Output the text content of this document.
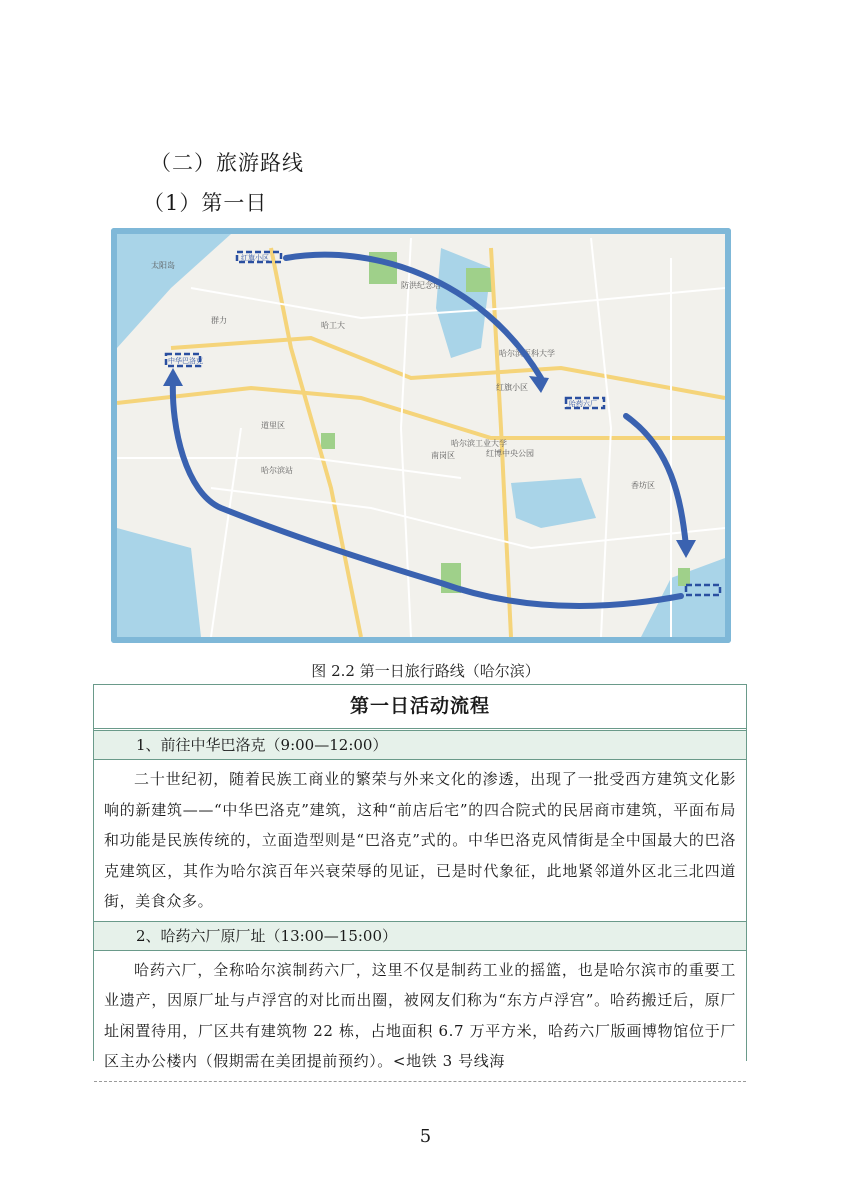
（二）旅游路线
（1）第一日
群力
道里区
南岗区
香坊区
哈工大
哈尔滨站
防洪纪念塔
太阳岛
哈尔滨工业大学
红博中央公园
红旗小区
哈尔滨医科大学
红旗小区
中华巴洛克
哈药六厂
图 2.2 第一日旅行路线（哈尔滨）
第一日活动流程
1、前往中华巴洛克（9:00—12:00）
二十世纪初，随着民族工商业的繁荣与外来文化的渗透，出现了一批受西方建筑文化影响的新建筑——“中华巴洛克”建筑，这种“前店后宅”的四合院式的民居商市建筑，平面布局和功能是民族传统的，立面造型则是“巴洛克”式的。中华巴洛克风情街是全中国最大的巴洛克建筑区，其作为哈尔滨百年兴衰荣辱的见证，已是时代象征，此地紧邻道外区北三北四道街，美食众多。
2、哈药六厂原厂址（13:00—15:00）
哈药六厂，全称哈尔滨制药六厂，这里不仅是制药工业的摇篮，也是哈尔滨市的重要工业遗产，因原厂址与卢浮宫的对比而出圈，被网友们称为“东方卢浮宫”。哈药搬迁后，原厂址闲置待用，厂区共有建筑物 22 栋，占地面积 6.7 万平方米，哈药六厂版画博物馆位于厂区主办公楼内（假期需在美团提前预约）。<地铁 3 号线海
5
